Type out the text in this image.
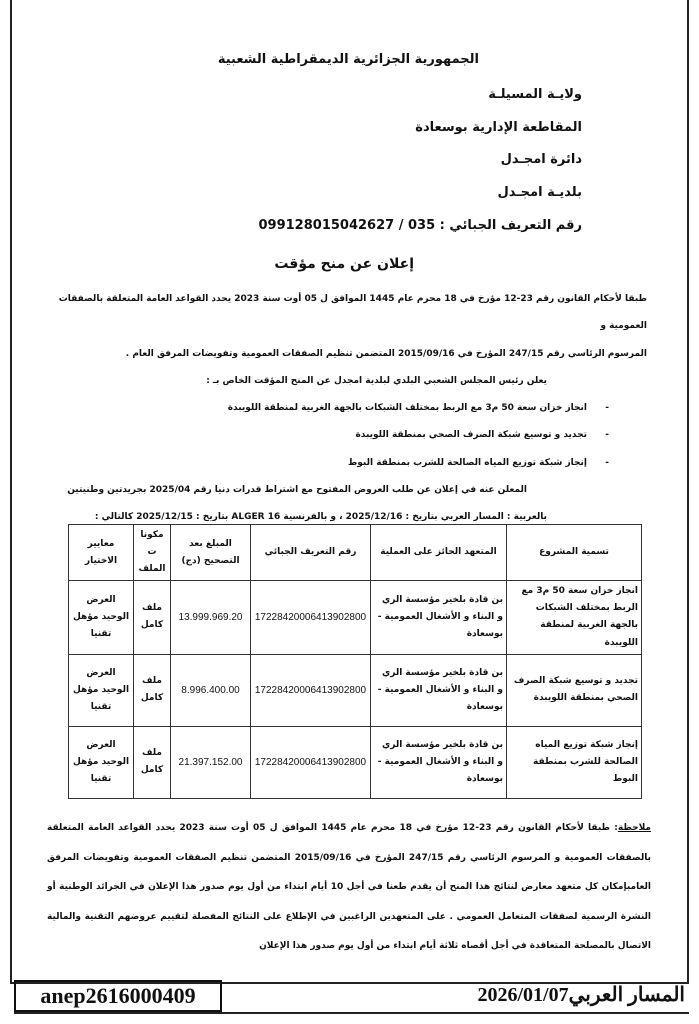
الجمهورية الجزائرية الديمقراطية الشعبية
ولايـة المسيلـة
المقاطعة الإدارية بوسعادة
دائرة امجـدل
بلديـة امجـدل
رقم التعريف الجبائي : 035 / 099128015042627
إعلان عن منح مؤقت
طبقا لأحكام القانون رقم 23-12 مؤرخ في 18 محرم عام 1445 الموافق ل 05 أوت سنة 2023 يحدد القواعد العامة المتعلقة بالصفقات العمومية و
المرسوم الرئاسي رقم 247/15 المؤرخ في 2015/09/16 المتضمن تنظيم الصفقات العمومية وتفويضات المرفق العام .
يعلن رئيس المجلس الشعبي البلدي لبلدية امجدل عن المنح المؤقت الخاص بـ :
انجاز خزان سعة 50 م3 مع الربط بمختلف الشبكات بالجهة الغربية لمنطقة اللويبدة -
تجديد و توسيع شبكة الصرف الصحي بمنطقة اللويبدة -
إنجاز شبكة توزيع المياه الصالحة للشرب بمنطقة البوط -
المعلن عنه في إعلان عن طلب العروض المفتوح مع اشتراط قدرات دنيا رقم 2025/04 بجريدتين وطنيتين
بالعربية : المسار العربي بتاريخ : 2025/12/16 ، و بالفرنسية ALGER 16 بتاريخ : 2025/12/15 كالتالي :
تسمية المشروع	المتعهد الحائز على العملية	رقم التعريف الجبائي	المبلغ بعد التصحيح (دج)	مكونات الملف	معايير الاختيار
انجاز خزان سعة 50 م3 مع الربط بمختلف الشبكات بالجهة الغربية لمنطقة اللويبدة	بن قادة بلخير مؤسسة الري و البناء و الأشغال العمومية - بوسعادة	17228420006413902800	13.999.969.20	ملف كامل	العرض الوحيد مؤهل تقنيا
تجديد و توسيع شبكة الصرف الصحي بمنطقة اللويبدة	بن قادة بلخير مؤسسة الري و البناء و الأشغال العمومية - بوسعادة	17228420006413902800	8.996.400.00	ملف كامل	العرض الوحيد مؤهل تقنيا
إنجاز شبكة توزيع المياه الصالحة للشرب بمنطقة البوط	بن قادة بلخير مؤسسة الري و البناء و الأشغال العمومية - بوسعادة	17228420006413902800	21.397.152.00	ملف كامل	العرض الوحيد مؤهل تقنيا
ملاحظة: طبقا لأحكام القانون رقم 23-12 مؤرخ في 18 محرم عام 1445 الموافق ل 05 أوت سنة 2023 يحدد القواعد العامة المتعلقة بالصفقات العمومية و المرسوم الرئاسي رقم 247/15 المؤرخ في 2015/09/16 المتضمن تنظيم الصفقات العمومية وتفويضات المرفق العامبإمكان كل متعهد معارض لنتائج هذا المنح أن يقدم طعنا في أجل 10 أيام ابتداء من أول يوم صدور هذا الإعلان في الجرائد الوطنية أو النشرة الرسمية لصفقات المتعامل العمومي . على المتعهدين الراغبين في الإطلاع على النتائج المفصلة لتقييم عروضهم التقنية والمالية الاتصال بالمصلحة المتعاقدة في أجل أقصاه ثلاثة أيام ابتداء من أول يوم صدور هذا الإعلان
المسار العربي2026/01/07
anep2616000409
